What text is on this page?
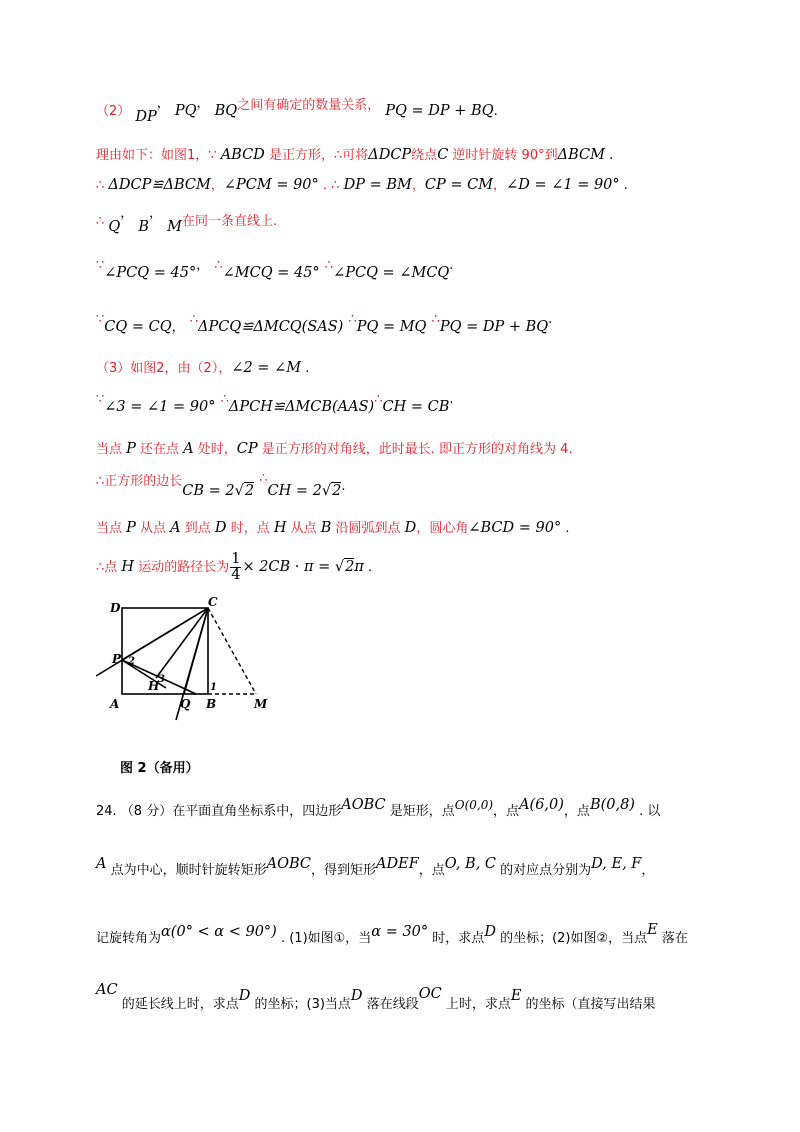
（2） DP， PQ， $BQ^{之间有确定的数量关系,}$ PQ = DP + BQ.
理由如下：如图1，∵ ABCD 是正方形，∴可将ΔDCP绕点C 逆时针旋转 90°到ΔBCM .
∴ ΔDCP≌ΔBCM，∠PCM = 90° . ∴ DP = BM，CP = CM，∠D = ∠1 = 90° .
∴ Q， B， M在同一条直线上.
∵∠PCQ = 45°， ∴∠MCQ = 45° ∴∠PCQ = ∠MCQ.
∵CQ = CQ， ∴ΔPCQ≌ΔMCQ(SAS) ∴PQ = MQ ∴PQ = DP + BQ.
（3）如图2，由（2），∠2 = ∠M .
∵∠3 = ∠1 = 90° ∴ΔPCH≌ΔMCB(AAS)∴CH = CB.
当点 P 还在点 A 处时，CP 是正方形的对角线，此时最长. 即正方形的对角线为 4.
$^{\therefore 正方形的边长}$CB = 2√2 ∴CH = 2√2.
当点 P 从点 A 到点 D 时，点 H 从点 B 沿圆弧到点 D，圆心角∠BCD = 90° .
∴点 H 运动的路径长为 $\frac{1}{4} \times 2CB \cdot \pi = √2\pi$ .
D	C
P 2
3
H	1
A	Q B	M
图 2（备用）
24. （8 分）在平面直角坐标系中，四边形AOBC 是矩形，点O(0,0)，点A(6,0)，点B(0,8) . 以
A 点为中心，顺时针旋转矩形AOBC，得到矩形ADEF，点O, B, C 的对应点分别为D, E, F，
记旋转角为α(0° < α < 90°) . (1)如图①，当α = 30° 时，求点D 的坐标；(2)如图②，当点E 落在
AC 的延长线上时，求点D 的坐标；(3)当点D 落在线段OC 上时，求点E 的坐标（直接写出结果
